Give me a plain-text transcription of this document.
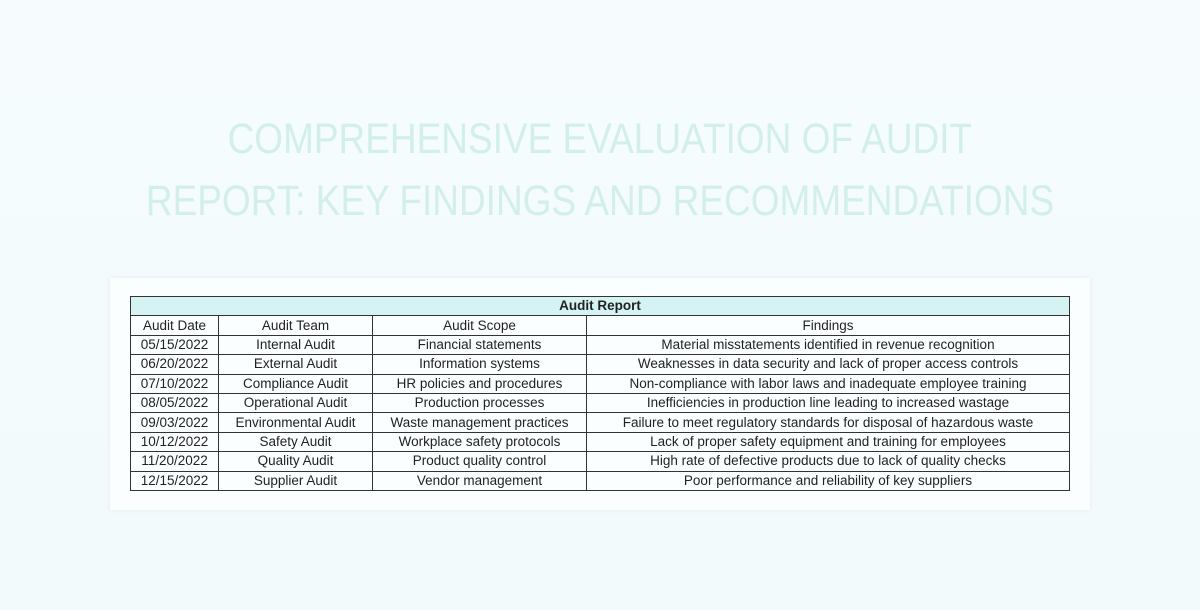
COMPREHENSIVE EVALUATION OF AUDIT
REPORT: KEY FINDINGS AND RECOMMENDATIONS
Audit Report			
Audit Date	Audit Team	Audit Scope	Findings
05/15/2022	Internal Audit	Financial statements	Material misstatements identified in revenue recognition
06/20/2022	External Audit	Information systems	Weaknesses in data security and lack of proper access controls
07/10/2022	Compliance Audit	HR policies and procedures	Non-compliance with labor laws and inadequate employee training
08/05/2022	Operational Audit	Production processes	Inefficiencies in production line leading to increased wastage
09/03/2022	Environmental Audit	Waste management practices	Failure to meet regulatory standards for disposal of hazardous waste
10/12/2022	Safety Audit	Workplace safety protocols	Lack of proper safety equipment and training for employees
11/20/2022	Quality Audit	Product quality control	High rate of defective products due to lack of quality checks
12/15/2022	Supplier Audit	Vendor management	Poor performance and reliability of key suppliers
